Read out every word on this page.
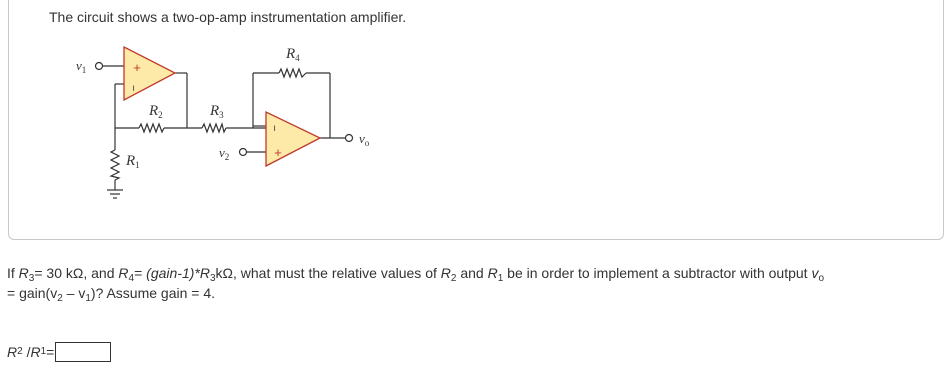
The circuit shows a two-op-amp instrumentation amplifier.
+
−
−
+
$v_1$
$R_2$	$R_3$
$R_4$
$R_1$
$v_2$
$v_o$
If $R_3= 30$ kΩ, and $R_4=$ $(gain-1)*R_3k\Omega$, what must the relative values of $R_2$ and $R_1$ be in order to implement a subtractor with output $v_o$
= $gain(v_2 - v_1)$? Assume gain = 4.
R 2
/ R 1 =
